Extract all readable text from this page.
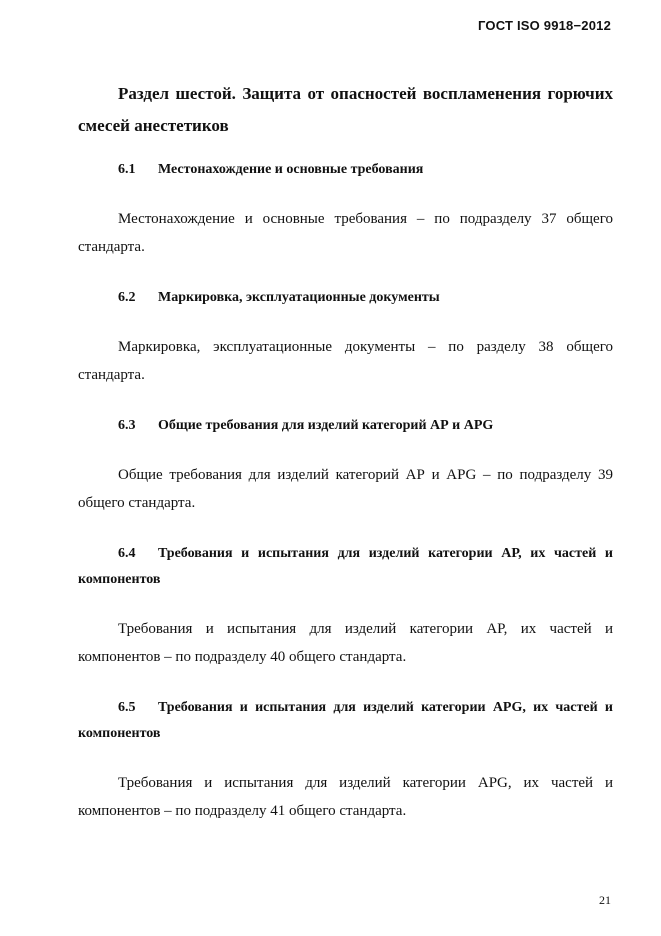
ГОСТ ISO 9918−2012

Раздел шестой. Защита от опасностей воспламенения горючих смесей анестетиков

6.1 Местонахождение и основные требования

Местонахождение и основные требования – по подразделу 37 общего стандарта.

6.2 Маркировка, эксплуатационные документы

Маркировка, эксплуатационные документы – по разделу 38 общего стандарта.

6.3 Общие требования для изделий категорий АР и APG

Общие требования для изделий категорий АР и APG – по подразделу 39 общего стандарта.

6.4 Требования и испытания для изделий категории АР, их частей и компонентов

Требования и испытания для изделий категории АР, их частей и компонентов – по подразделу 40 общего стандарта.

6.5 Требования и испытания для изделий категории APG, их частей и компонентов

Требования и испытания для изделий категории APG, их частей и компонентов – по подразделу 41 общего стандарта.

21
